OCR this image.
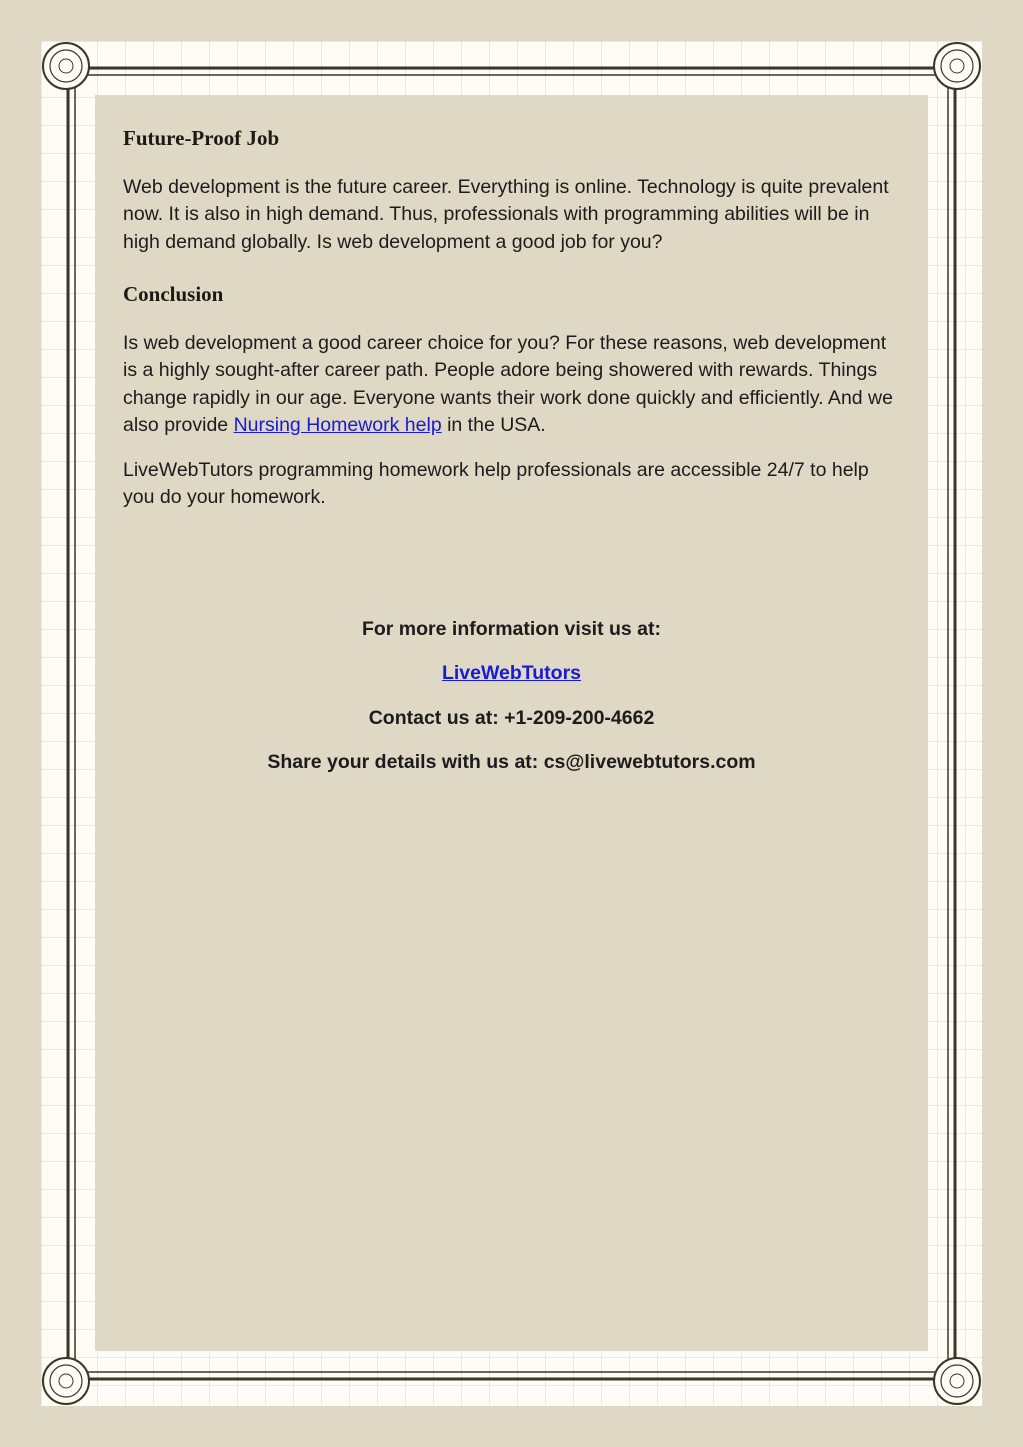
Future-Proof Job

Web development is the future career. Everything is online. Technology is quite prevalent now. It is also in high demand. Thus, professionals with programming abilities will be in high demand globally. Is web development a good job for you?

Conclusion

Is web development a good career choice for you? For these reasons, web development is a highly sought-after career path. People adore being showered with rewards. Things change rapidly in our age. Everyone wants their work done quickly and efficiently. And we also provide Nursing Homework help in the USA.

LiveWebTutors programming homework help professionals are accessible 24/7 to help you do your homework.

For more information visit us at:
LiveWebTutors
Contact us at: +1-209-200-4662
Share your details with us at: cs@livewebtutors.com
